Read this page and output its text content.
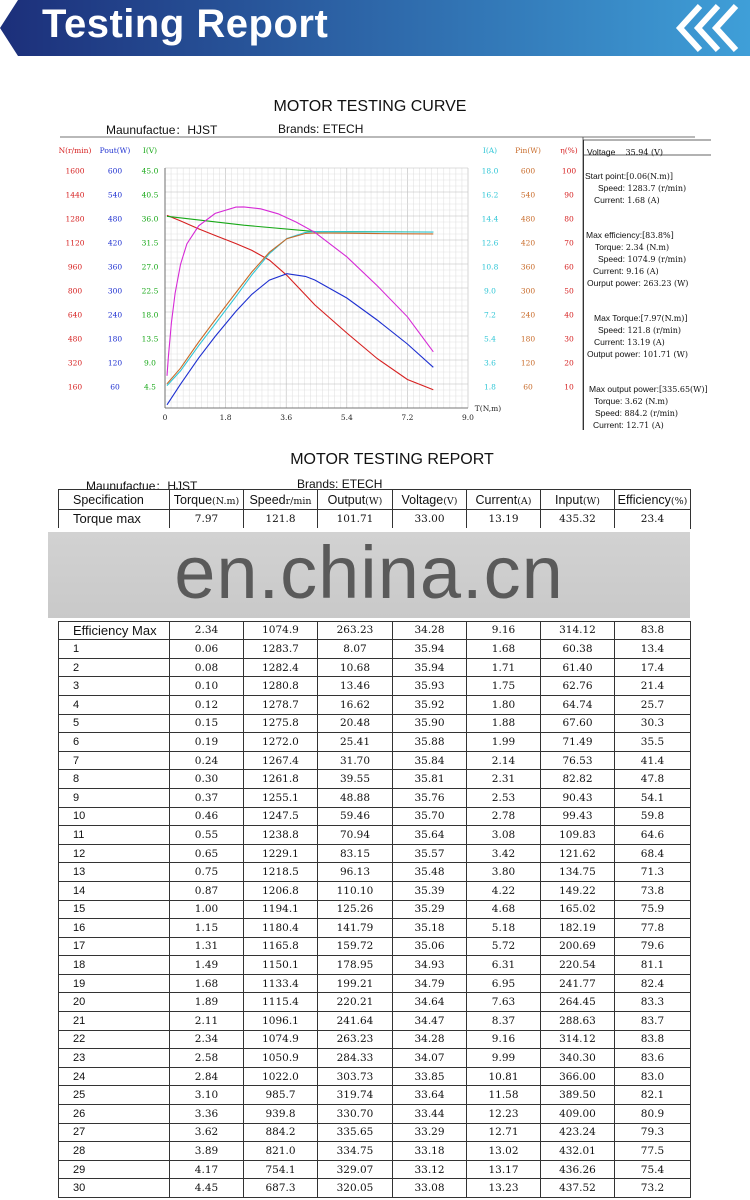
Testing Report
MOTOR TESTING CURVE
Maunufactue：HJST	Brands: ETECH
N(r/min)
1600
1440
1280
1120
960
800
640
480
320
160
Pout(W)
600
540
480
420
360
300
240
180
120
60
I(V)
45.0
40.5
36.0
31.5
27.0
22.5
18.0
13.5
9.0
4.5
I(A)
18.0
16.2
14.4
12.6
10.8
9.0
7.2
5.4
3.6
1.8
Pin(W)
600
540
480
420
360
300
240
180
120
60
η(%)
100
90
80
70
60
50
40
30
20
10
0	1.8	3.6	5.4	7.2	9.0
T(N,m)
Voltage 35.94 (V)
Start point:[0.06(N.m)]
Speed: 1283.7 (r/min)
Current: 1.68 (A)
Max efficiency:[83.8%]
Torque: 2.34 (N.m)
Speed: 1074.9 (r/min)
Current: 9.16 (A)
Ourput power: 263.23 (W)
Max Torque:[7.97(N.m)]
Speed: 121.8 (r/min)
Current: 13.19 (A)
Output power: 101.71 (W)
Max output power:[335.65(W)]
Torque: 3.62 (N.m)
Speed: 884.2 (r/min)
Current: 12.71 (A)
MOTOR TESTING REPORT
Maunufactue：HJST	Brands: ETECH
Specification	Torque(N.m)	Speedr/min	Output(W)	Voltage(V)	Current(A)	Input(W)	Efficiency(%)
Torque max	7.97	121.8	101.71	33.00	13.19	435.32	23.4

Efficiency Max	2.34	1074.9	263.23	34.28	9.16	314.12	83.8
1	0.06	1283.7	8.07	35.94	1.68	60.38	13.4
2	0.08	1282.4	10.68	35.94	1.71	61.40	17.4
3	0.10	1280.8	13.46	35.93	1.75	62.76	21.4
4	0.12	1278.7	16.62	35.92	1.80	64.74	25.7
5	0.15	1275.8	20.48	35.90	1.88	67.60	30.3
6	0.19	1272.0	25.41	35.88	1.99	71.49	35.5
7	0.24	1267.4	31.70	35.84	2.14	76.53	41.4
8	0.30	1261.8	39.55	35.81	2.31	82.82	47.8
9	0.37	1255.1	48.88	35.76	2.53	90.43	54.1
10	0.46	1247.5	59.46	35.70	2.78	99.43	59.8
11	0.55	1238.8	70.94	35.64	3.08	109.83	64.6
12	0.65	1229.1	83.15	35.57	3.42	121.62	68.4
13	0.75	1218.5	96.13	35.48	3.80	134.75	71.3
14	0.87	1206.8	110.10	35.39	4.22	149.22	73.8
15	1.00	1194.1	125.26	35.29	4.68	165.02	75.9
16	1.15	1180.4	141.79	35.18	5.18	182.19	77.8
17	1.31	1165.8	159.72	35.06	5.72	200.69	79.6
18	1.49	1150.1	178.95	34.93	6.31	220.54	81.1
19	1.68	1133.4	199.21	34.79	6.95	241.77	82.4
20	1.89	1115.4	220.21	34.64	7.63	264.45	83.3
21	2.11	1096.1	241.64	34.47	8.37	288.63	83.7
22	2.34	1074.9	263.23	34.28	9.16	314.12	83.8
23	2.58	1050.9	284.33	34.07	9.99	340.30	83.6
24	2.84	1022.0	303.73	33.85	10.81	366.00	83.0
25	3.10	985.7	319.74	33.64	11.58	389.50	82.1
26	3.36	939.8	330.70	33.44	12.23	409.00	80.9
27	3.62	884.2	335.65	33.29	12.71	423.24	79.3
28	3.89	821.0	334.75	33.18	13.02	432.01	77.5
29	4.17	754.1	329.07	33.12	13.17	436.26	75.4
30	4.45	687.3	320.05	33.08	13.23	437.52	73.2
en.china.cn
